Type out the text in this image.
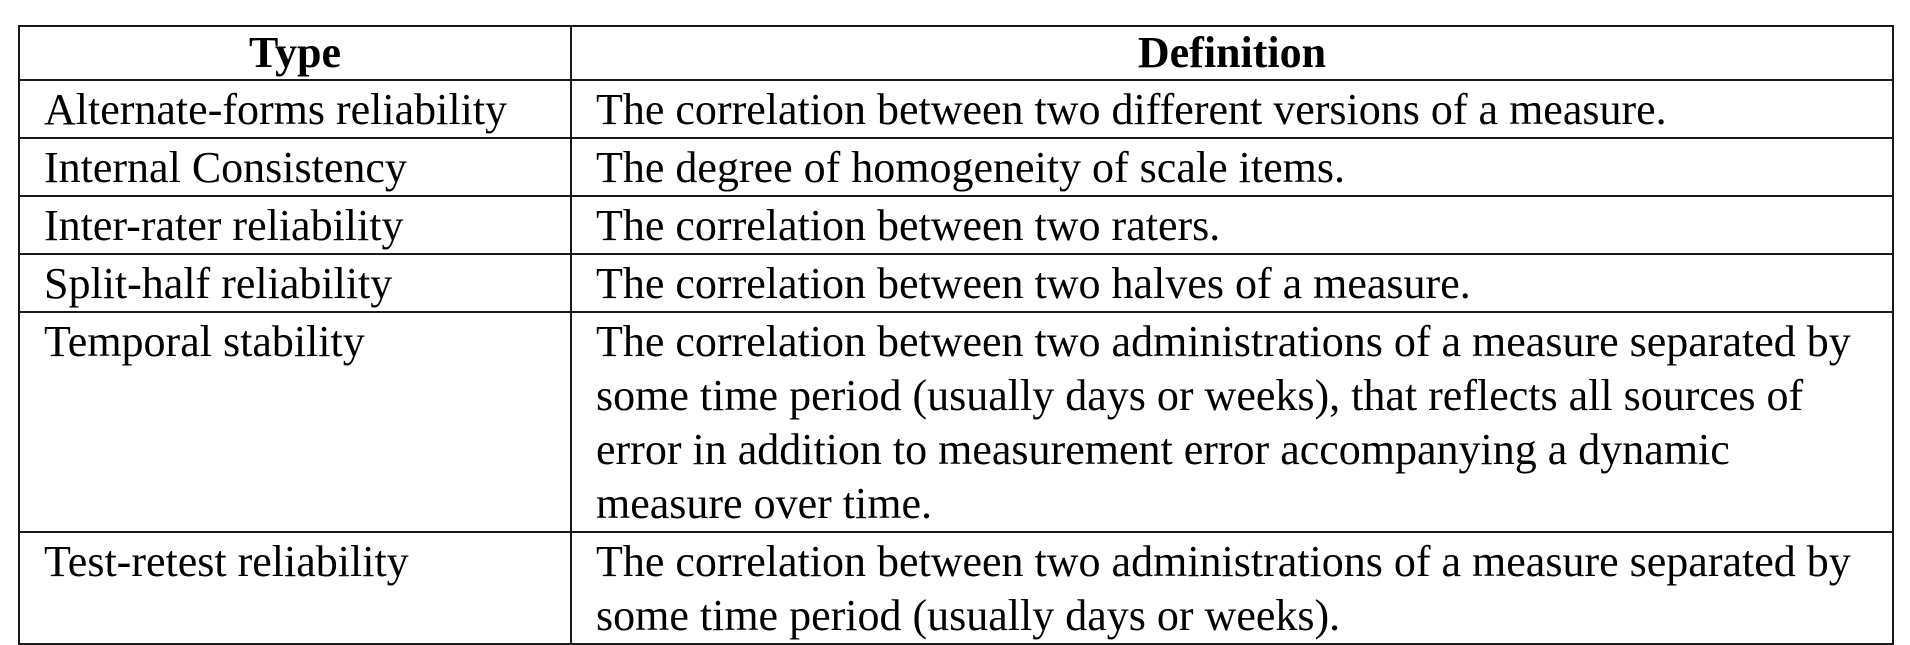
Type	Definition
Alternate-forms reliability	The correlation between two different versions of a measure.
Internal Consistency	The degree of homogeneity of scale items.
Inter-rater reliability	The correlation between two raters.
Split-half reliability	The correlation between two halves of a measure.
Temporal stability	The correlation between two administrations of a measure separated by some time period (usually days or weeks), that reflects all sources of error in addition to measurement error accompanying a dynamic measure over time.
Test-retest reliability	The correlation between two administrations of a measure separated by some time period (usually days or weeks).
